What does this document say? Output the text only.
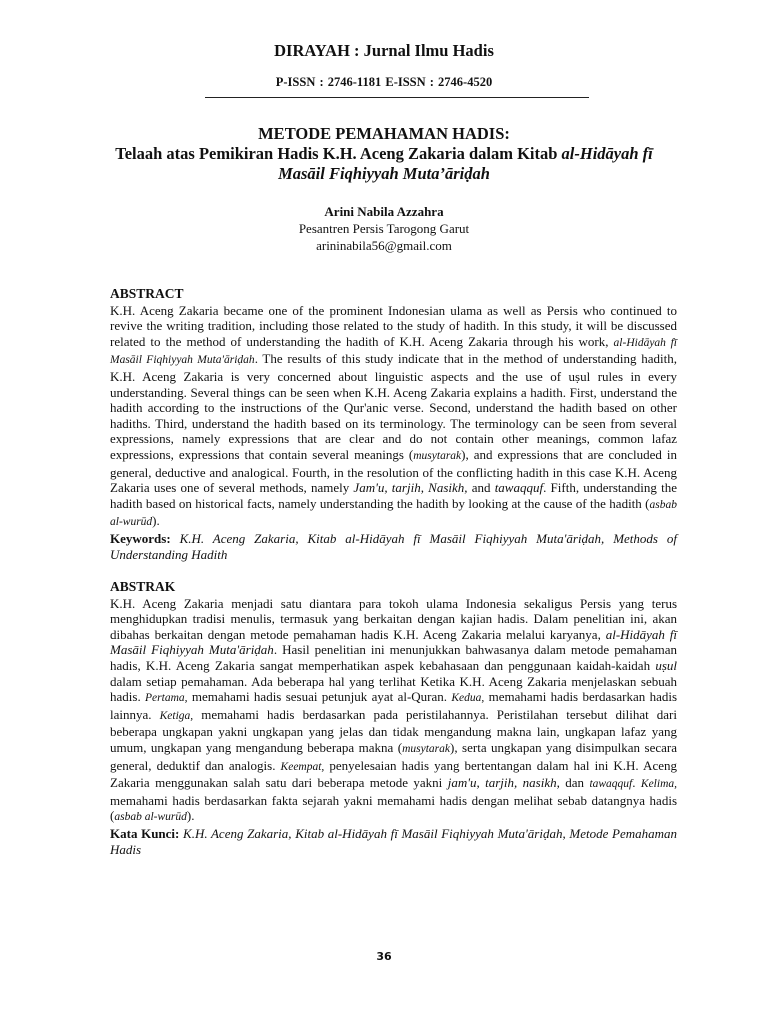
DIRAYAH : Jurnal Ilmu Hadis
P-ISSN : 2746-1181 E-ISSN : 2746-4520
METODE PEMAHAMAN HADIS:
Telaah atas Pemikiran Hadis K.H. Aceng Zakaria dalam Kitab al-Hidāyah fī Masāil Fiqhiyyah Muta’āriḍah
Arini Nabila Azzahra
Pesantren Persis Tarogong Garut
arininabila56@gmail.com
ABSTRACT
K.H. Aceng Zakaria became one of the prominent Indonesian ulama as well as Persis who continued to revive the writing tradition, including those related to the study of hadith. In this study, it will be discussed related to the method of understanding the hadith of K.H. Aceng Zakaria through his work, al-Hidāyah fī Masāil Fiqhiyyah Muta'āriḍah. The results of this study indicate that in the method of understanding hadith, K.H. Aceng Zakaria is very concerned about linguistic aspects and the use of uṣul rules in every understanding. Several things can be seen when K.H. Aceng Zakaria explains a hadith. First, understand the hadith according to the instructions of the Qur'anic verse. Second, understand the hadith based on other hadiths. Third, understand the hadith based on its terminology. The terminology can be seen from several expressions, namely expressions that are clear and do not contain other meanings, common lafaz expressions, expressions that contain several meanings (musytarak), and expressions that are concluded in general, deductive and analogical. Fourth, in the resolution of the conflicting hadith in this case K.H. Aceng Zakaria uses one of several methods, namely Jam'u, tarjih, Nasikh, and tawaqquf. Fifth, understanding the hadith based on historical facts, namely understanding the hadith by looking at the cause of the hadith (asbab al-wurūd).
Keywords: K.H. Aceng Zakaria, Kitab al-Hidāyah fī Masāil Fiqhiyyah Muta'āriḍah, Methods of Understanding Hadith
ABSTRAK
K.H. Aceng Zakaria menjadi satu diantara para tokoh ulama Indonesia sekaligus Persis yang terus menghidupkan tradisi menulis, termasuk yang berkaitan dengan kajian hadis. Dalam penelitian ini, akan dibahas berkaitan dengan metode pemahaman hadis K.H. Aceng Zakaria melalui karyanya, al-Hidāyah fī Masāil Fiqhiyyah Muta'āriḍah. Hasil penelitian ini menunjukkan bahwasanya dalam metode pemahaman hadis, K.H. Aceng Zakaria sangat memperhatikan aspek kebahasaan dan penggunaan kaidah-kaidah uṣul dalam setiap pemahaman. Ada beberapa hal yang terlihat Ketika K.H. Aceng Zakaria menjelaskan sebuah hadis. Pertama, memahami hadis sesuai petunjuk ayat al-Quran. Kedua, memahami hadis berdasarkan hadis lainnya. Ketiga, memahami hadis berdasarkan pada peristilahannya. Peristilahan tersebut dilihat dari beberapa ungkapan yakni ungkapan yang jelas dan tidak mengandung makna lain, ungkapan lafaz yang umum, ungkapan yang mengandung beberapa makna (musytarak), serta ungkapan yang disimpulkan secara general, deduktif dan analogis. Keempat, penyelesaian hadis yang bertentangan dalam hal ini K.H. Aceng Zakaria menggunakan salah satu dari beberapa metode yakni jam'u, tarjih, nasikh, dan tawaqquf. Kelima, memahami hadis berdasarkan fakta sejarah yakni memahami hadis dengan melihat sebab datangnya hadis (asbab al-wurūd).
Kata Kunci: K.H. Aceng Zakaria, Kitab al-Hidāyah fī Masāil Fiqhiyyah Muta'āriḍah, Metode Pemahaman Hadis
36
